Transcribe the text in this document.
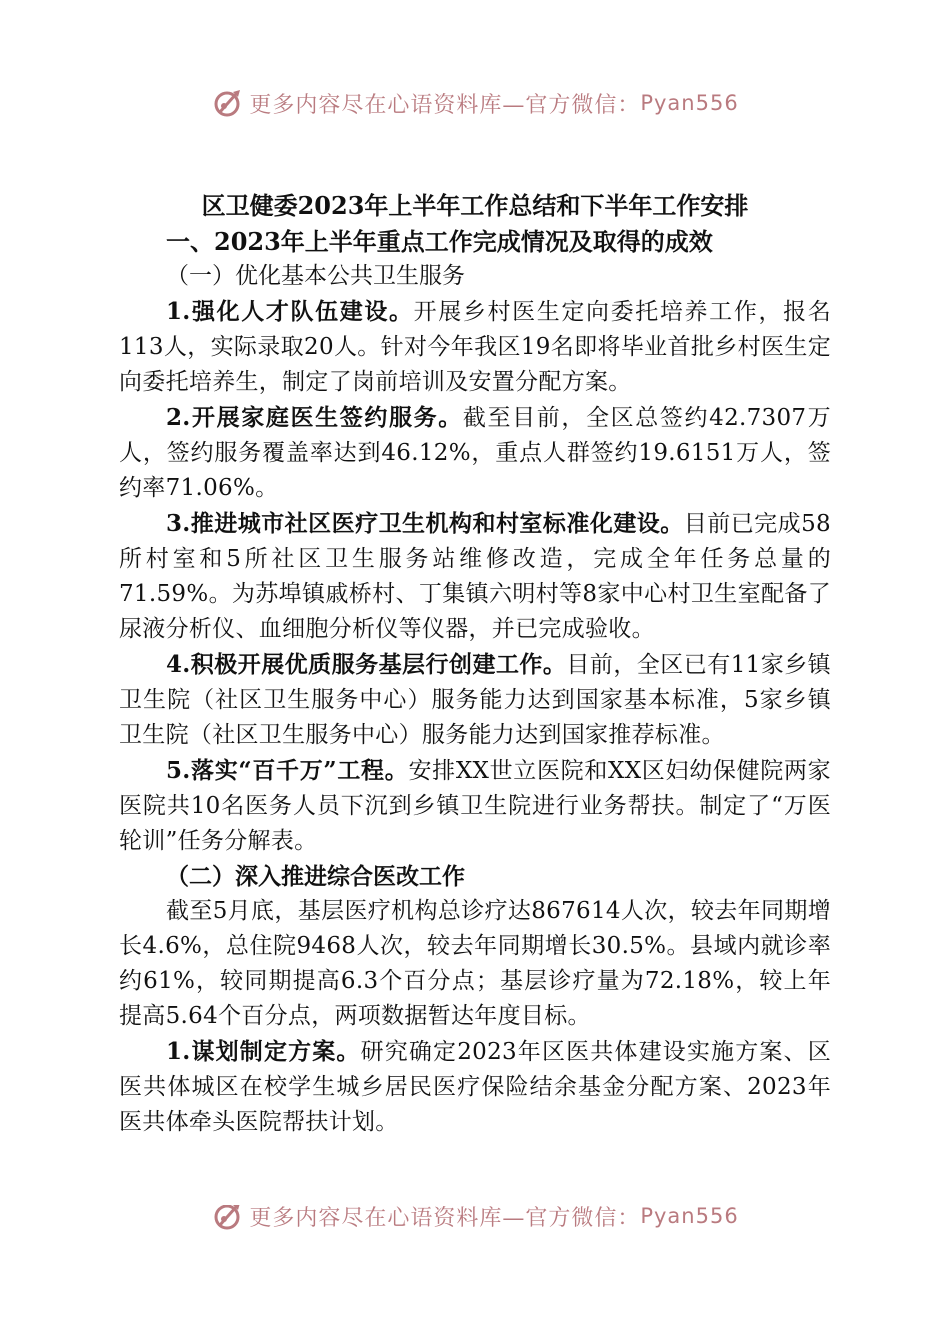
更多内容尽在心语资料库—官方微信： Pyan556

区卫健委2023年上半年工作总结和下半年工作安排

一、2023年上半年重点工作完成情况及取得的成效

（一）优化基本公共卫生服务

1.强化人才队伍建设。开展乡村医生定向委托培养工作，报名113人，实际录取20人。针对今年我区19名即将毕业首批乡村医生定向委托培养生，制定了岗前培训及安置分配方案。

2.开展家庭医生签约服务。截至目前，全区总签约42.7307万人，签约服务覆盖率达到46.12%，重点人群签约19.6151万人，签约率71.06%。

3.推进城市社区医疗卫生机构和村室标准化建设。目前已完成58所村室和5所社区卫生服务站维修改造，完成全年任务总量的71.59%。为苏埠镇戚桥村、丁集镇六明村等8家中心村卫生室配备了尿液分析仪、血细胞分析仪等仪器，并已完成验收。

4.积极开展优质服务基层行创建工作。目前，全区已有11家乡镇卫生院（社区卫生服务中心）服务能力达到国家基本标准，5家乡镇卫生院（社区卫生服务中心）服务能力达到国家推荐标准。

5.落实“百千万”工程。安排XX世立医院和XX区妇幼保健院两家医院共10名医务人员下沉到乡镇卫生院进行业务帮扶。制定了“万医轮训”任务分解表。

（二）深入推进综合医改工作

截至5月底，基层医疗机构总诊疗达867614人次，较去年同期增长4.6%，总住院9468人次，较去年同期增长30.5%。县域内就诊率约61%，较同期提高6.3个百分点；基层诊疗量为72.18%，较上年提高5.64个百分点，两项数据暂达年度目标。

1.谋划制定方案。研究确定2023年区医共体建设实施方案、区医共体城区在校学生城乡居民医疗保险结余基金分配方案、2023年医共体牵头医院帮扶计划。

更多内容尽在心语资料库—官方微信： Pyan556
